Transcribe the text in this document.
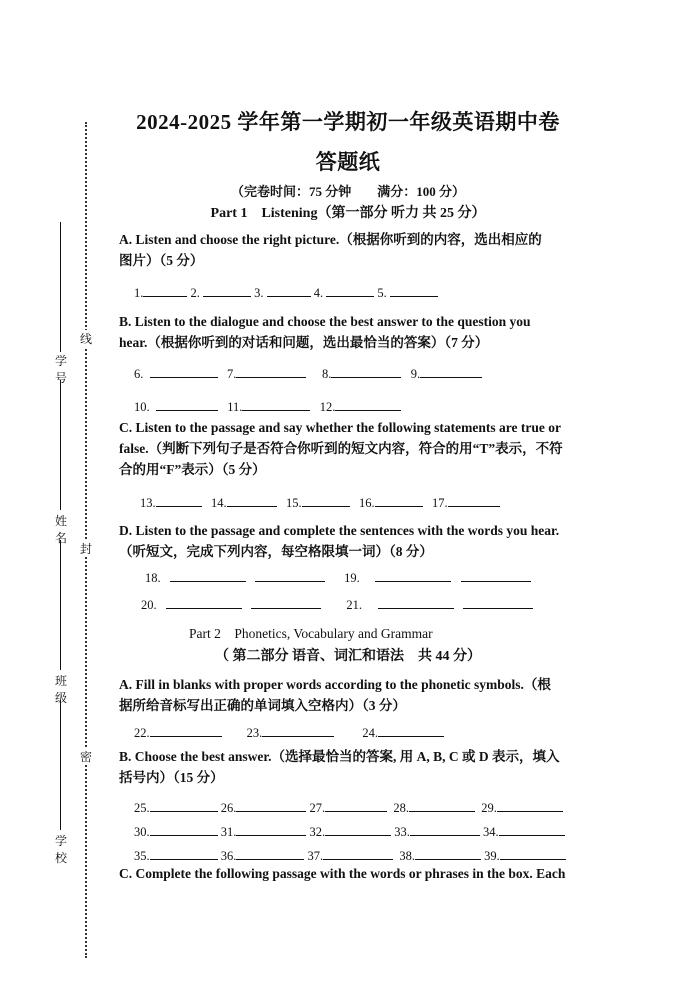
学
号
姓
名
班
级
学
校
线
封
密
2024-2025 学年第一学期初一年级英语期中卷
答题纸
（完卷时间：75 分钟　　满分：100 分）
Part 1　Listening（第一部分 听力 共 25 分）
A. Listen and choose the right picture.（根据你听到的内容，选出相应的
图片）（5 分）
1.	2.	3.	4.	5.
B. Listen to the dialogue and choose the best answer to the question you
hear.（根据你听到的对话和问题，选出最恰当的答案）（7 分）
6.	7.	8.	9.
10.	11.	12.
C. Listen to the passage and say whether the following statements are true or
false.（判断下列句子是否符合你听到的短文内容，符合的用“T”表示，不符
合的用“F”表示）（5 分）
13.	14.	15.	16.	17.
D. Listen to the passage and complete the sentences with the words you hear.
（听短文，完成下列内容，每空格限填一词）（8 分）
18.	19.
20.	21.
Part 2　Phonetics, Vocabulary and Grammar
（ 第二部分 语音、词汇和语法　共 44 分）
A. Fill in blanks with proper words according to the phonetic symbols.（根
据所给音标写出正确的单词填入空格内）（3 分）
22.	23.	24.
B. Choose the best answer.（选择最恰当的答案, 用 A, B, C 或 D 表示，填入
括号内）（15 分）
25.	26.	27.	28.	29.
30.	31.	32.	33.	34.
35.	36.	37.	38.	39.
C. Complete the following passage with the words or phrases in the box. Each
